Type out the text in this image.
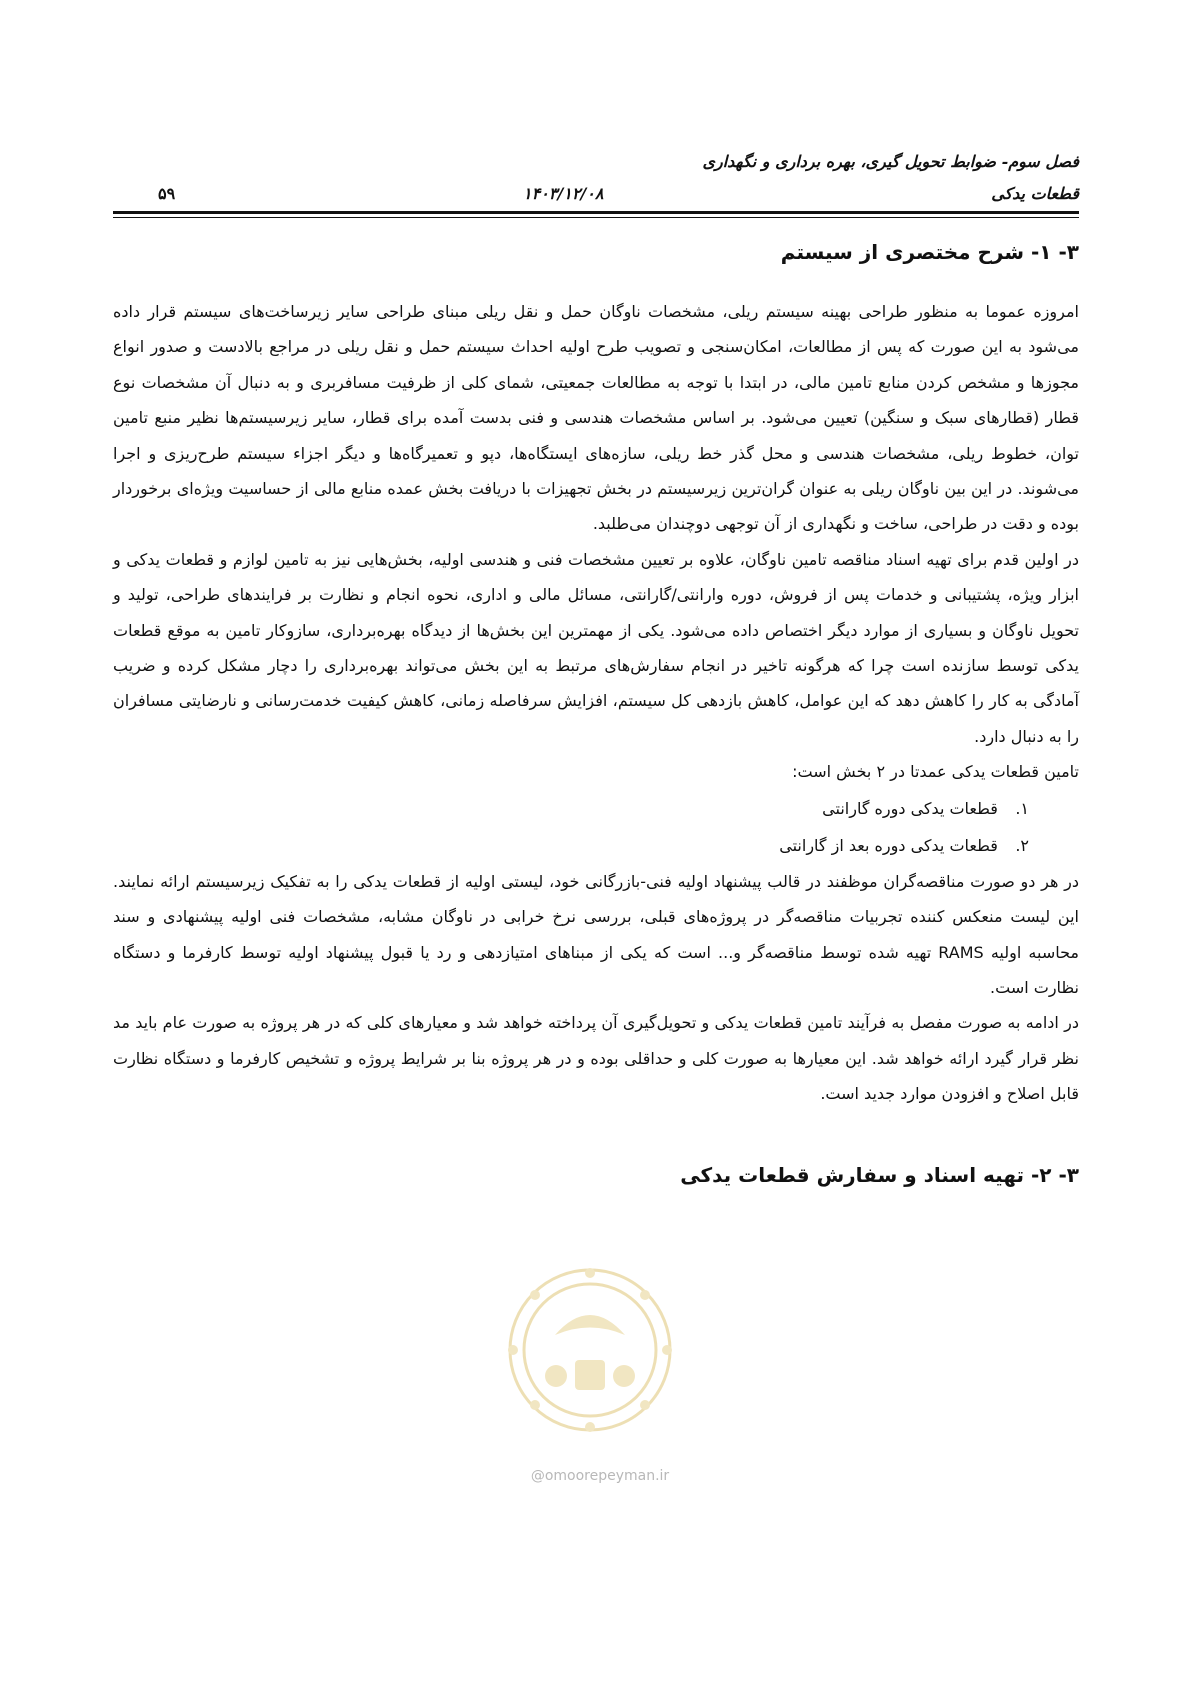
فصل سوم- ضوابط تحویل گیری، بهره برداری و نگهداری
قطعات یدکی
۱۴۰۳/۱۲/۰۸
۵۹
۳- ۱- شرح مختصری از سیستم

امروزه عموما به منظور طراحی بهینه سیستم ریلی، مشخصات ناوگان حمل و نقل ریلی مبنای طراحی سایر زیرساخت‌های سیستم قرار داده می‌شود به این صورت که پس از مطالعات، امکان‌سنجی و تصویب طرح اولیه احداث سیستم حمل و نقل ریلی در مراجع بالادست و صدور انواع مجوزها و مشخص کردن منابع تامین مالی، در ابتدا با توجه به مطالعات جمعیتی، شمای کلی از ظرفیت مسافربری و به دنبال آن مشخصات نوع قطار (قطارهای سبک و سنگین) تعیین می‌شود. بر اساس مشخصات هندسی و فنی بدست آمده برای قطار، سایر زیرسیستم‌ها نظیر منبع تامین توان، خطوط ریلی، مشخصات هندسی و محل گذر خط ریلی، سازه‌های ایستگاه‌ها، دپو و تعمیرگاه‌ها و دیگر اجزاء سیستم طرح‌ریزی و اجرا می‌شوند. در این بین ناوگان ریلی به عنوان گران‌ترین زیرسیستم در بخش تجهیزات با دریافت بخش عمده منابع مالی از حساسیت ویژه‌ای برخوردار بوده و دقت در طراحی، ساخت و نگهداری از آن توجهی دوچندان می‌طلبد.

در اولین قدم برای تهیه اسناد مناقصه تامین ناوگان، علاوه بر تعیین مشخصات فنی و هندسی اولیه، بخش‌هایی نیز به تامین لوازم و قطعات یدکی و ابزار ویژه، پشتیبانی و خدمات پس از فروش، دوره وارانتی/گارانتی، مسائل مالی و اداری، نحوه انجام و نظارت بر فرایندهای طراحی، تولید و تحویل ناوگان و بسیاری از موارد دیگر اختصاص داده می‌شود. یکی از مهمترین این بخش‌ها از دیدگاه بهره‌برداری، سازوکار تامین به موقع قطعات یدکی توسط سازنده است چرا که هرگونه تاخیر در انجام سفارش‌های مرتبط به این بخش می‌تواند بهره‌برداری را دچار مشکل کرده و ضریب آمادگی به کار را کاهش دهد که این عوامل، کاهش بازدهی کل سیستم، افزایش سرفاصله زمانی، کاهش کیفیت خدمت‌رسانی و نارضایتی مسافران را به دنبال دارد.

تامین قطعات یدکی عمدتا در ۲ بخش است:

۱. قطعات یدکی دوره گارانتی
۲. قطعات یدکی دوره بعد از گارانتی

در هر دو صورت مناقصه‌گران موظفند در قالب پیشنهاد اولیه فنی-بازرگانی خود، لیستی اولیه از قطعات یدکی را به تفکیک زیرسیستم ارائه نمایند. این لیست منعکس کننده تجربیات مناقصه‌گر در پروژه‌های قبلی، بررسی نرخ خرابی در ناوگان مشابه، مشخصات فنی اولیه پیشنهادی و سند محاسبه اولیه RAMS تهیه شده توسط مناقصه‌گر و... است که یکی از مبناهای امتیازدهی و رد یا قبول پیشنهاد اولیه توسط کارفرما و دستگاه نظارت است.

در ادامه به صورت مفصل به فرآیند تامین قطعات یدکی و تحویل‌گیری آن پرداخته خواهد شد و معیارهای کلی که در هر پروژه به صورت عام باید مد نظر قرار گیرد ارائه خواهد شد. این معیارها به صورت کلی و حداقلی بوده و در هر پروژه بنا بر شرایط پروژه و تشخیص کارفرما و دستگاه نظارت قابل اصلاح و افزودن موارد جدید است.

۳- ۲- تهیه اسناد و سفارش قطعات یدکی
@omoorepeyman.ir
